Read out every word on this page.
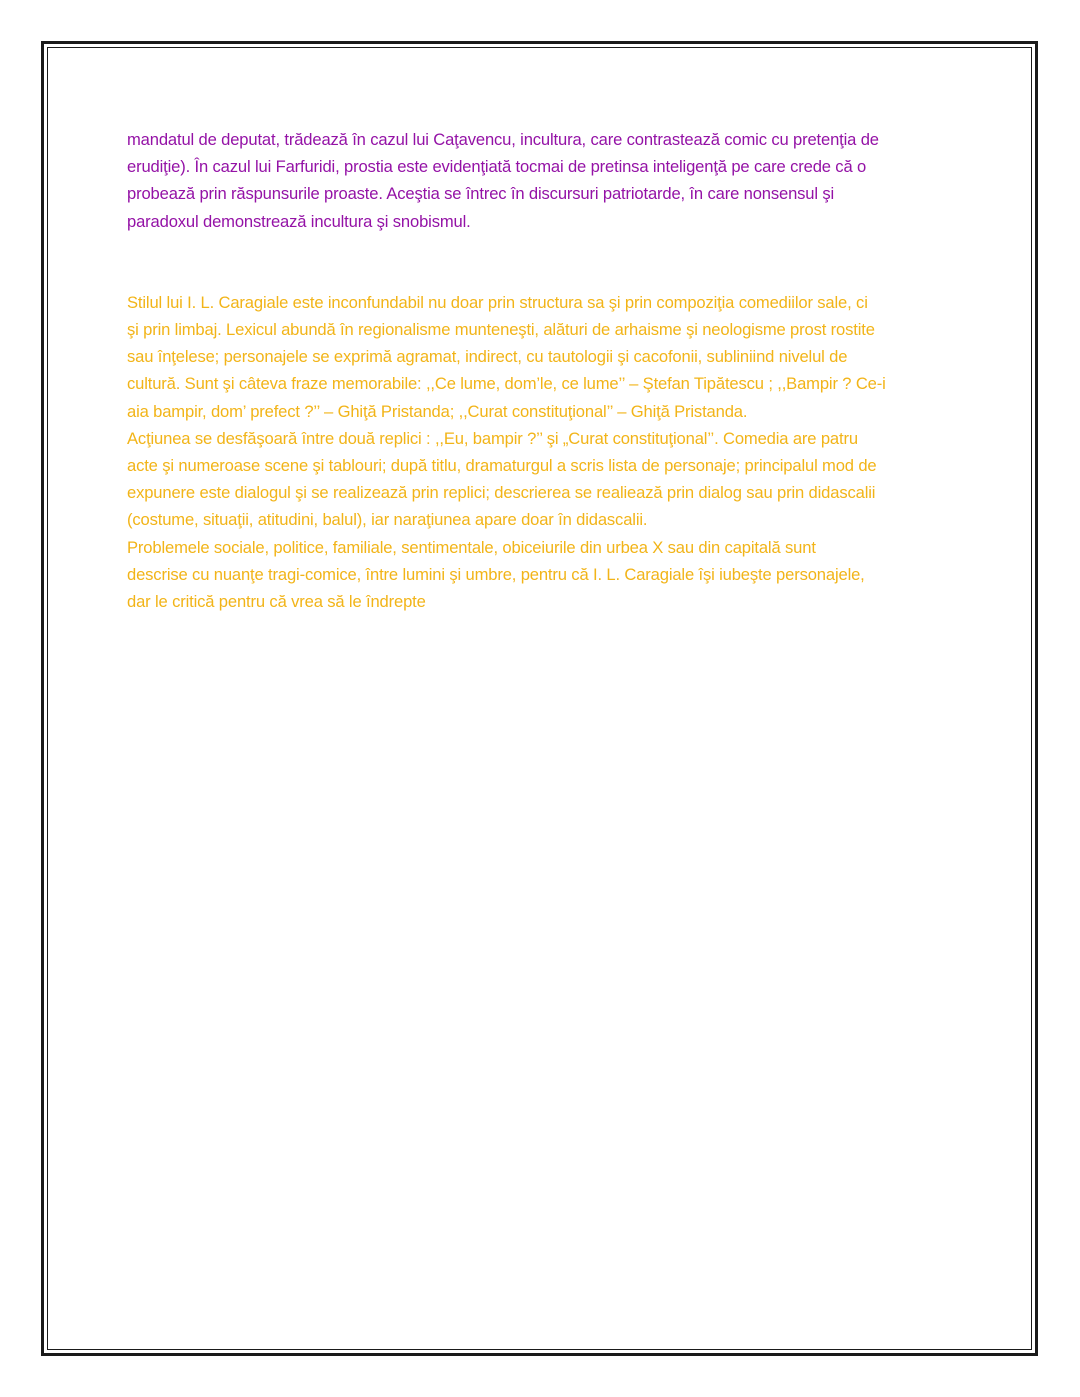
mandatul de deputat, trădează în cazul lui Caţavencu, incultura, care contrastează comic cu pretenţia de
erudiţie). În cazul lui Farfuridi, prostia este evidenţiată tocmai de pretinsa inteligenţă pe care crede că o
probează prin răspunsurile proaste. Aceştia se întrec în discursuri patriotarde, în care nonsensul şi
paradoxul demonstrează incultura şi snobismul.
Stilul lui I. L. Caragiale este inconfundabil nu doar prin structura sa şi prin compoziţia comediilor sale, ci
şi prin limbaj. Lexicul abundă în regionalisme munteneşti, alături de arhaisme şi neologisme prost rostite
sau înţelese; personajele se exprimă agramat, indirect, cu tautologii şi cacofonii, subliniind nivelul de
cultură. Sunt şi câteva fraze memorabile: ,,Ce lume, dom’le, ce lume’’ – Ştefan Tipătescu ; ,,Bampir ? Ce-i
aia bampir, dom’ prefect ?’’ – Ghiţă Pristanda; ,,Curat constituţional’’ – Ghiţă Pristanda.
Acţiunea se desfăşoară între două replici : ,,Eu, bampir ?’’ şi „Curat constituţional’’. Comedia are patru
acte şi numeroase scene şi tablouri; după titlu, dramaturgul a scris lista de personaje; principalul mod de
expunere este dialogul şi se realizează prin replici; descrierea se realiează prin dialog sau prin didascalii
(costume, situaţii, atitudini, balul), iar naraţiunea apare doar în didascalii.
Problemele sociale, politice, familiale, sentimentale, obiceiurile din urbea X sau din capitală sunt
descrise cu nuanţe tragi-comice, între lumini şi umbre, pentru că I. L. Caragiale îşi iubeşte personajele,
dar le critică pentru că vrea să le îndrepte
